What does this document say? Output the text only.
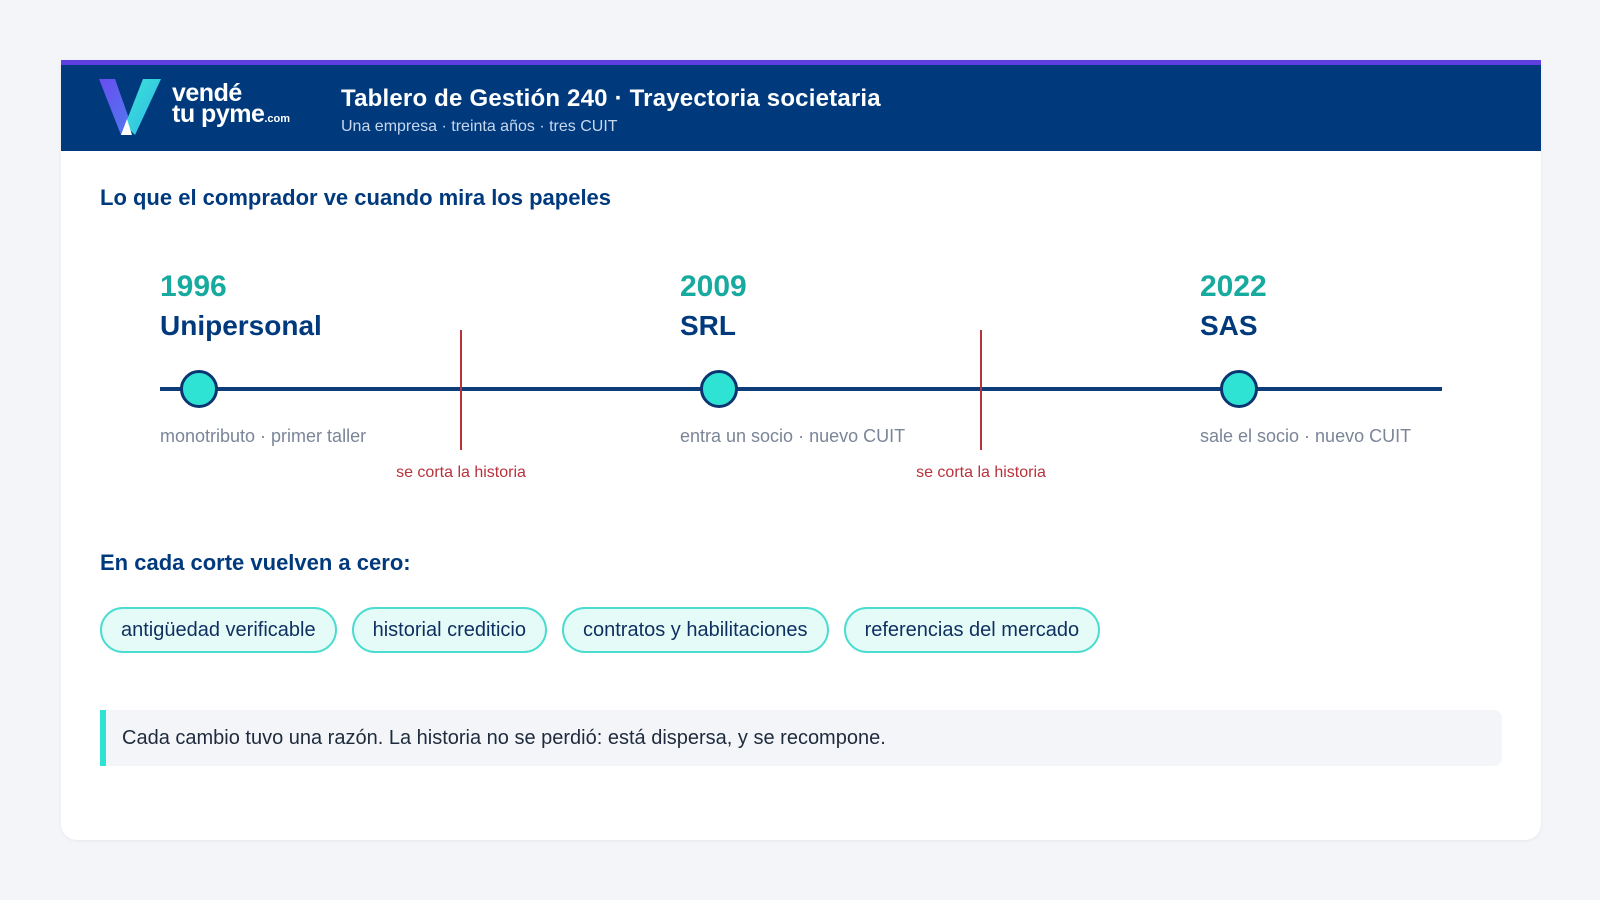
vendé
tu pyme.com
Tablero de Gestión 240 · Trayectoria societaria
Una empresa · treinta años · tres CUIT
Lo que el comprador ve cuando mira los papeles
1996
Unipersonal
monotributo · primer taller
2009
SRL
entra un socio · nuevo CUIT
2022
SAS
sale el socio · nuevo CUIT
se corta la historia	se corta la historia
En cada corte vuelven a cero:
antigüedad verificable	historial crediticio	contratos y habilitaciones	referencias del mercado
Cada cambio tuvo una razón. La historia no se perdió: está dispersa, y se recompone.
